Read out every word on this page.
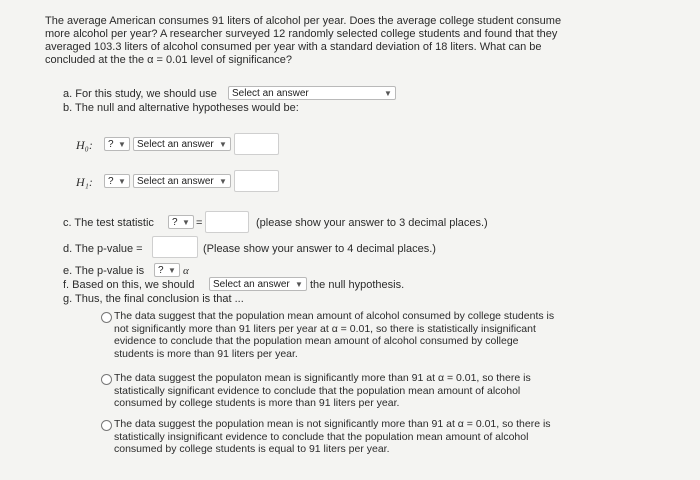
The average American consumes 91 liters of alcohol per year. Does the average college student consume
more alcohol per year? A researcher surveyed 12 randomly selected college students and found that they
averaged 103.3 liters of alcohol consumed per year with a standard deviation of 18 liters. What can be
concluded at the the α = 0.01 level of significance?
a. For this study, we should use	Select an answer	▼
b. The null and alternative hypotheses would be:
H₀:	? ▼	Select an answer ▼
H₁:	? ▼	Select an answer ▼
c. The test statistic	? ▼ =	(please show your answer to 3 decimal places.)
d. The p-value =	(Please show your answer to 4 decimal places.)
e. The p-value is	? ▼ α
f. Based on this, we should	Select an answer ▼ the null hypothesis.
g. Thus, the final conclusion is that ...
The data suggest that the population mean amount of alcohol consumed by college students is
not significantly more than 91 liters per year at α = 0.01, so there is statistically insignificant
evidence to conclude that the population mean amount of alcohol consumed by college
students is more than 91 liters per year.
The data suggest the populaton mean is significantly more than 91 at α = 0.01, so there is
statistically significant evidence to conclude that the population mean amount of alcohol
consumed by college students is more than 91 liters per year.
The data suggest the population mean is not significantly more than 91 at α = 0.01, so there is
statistically insignificant evidence to conclude that the population mean amount of alcohol
consumed by college students is equal to 91 liters per year.
